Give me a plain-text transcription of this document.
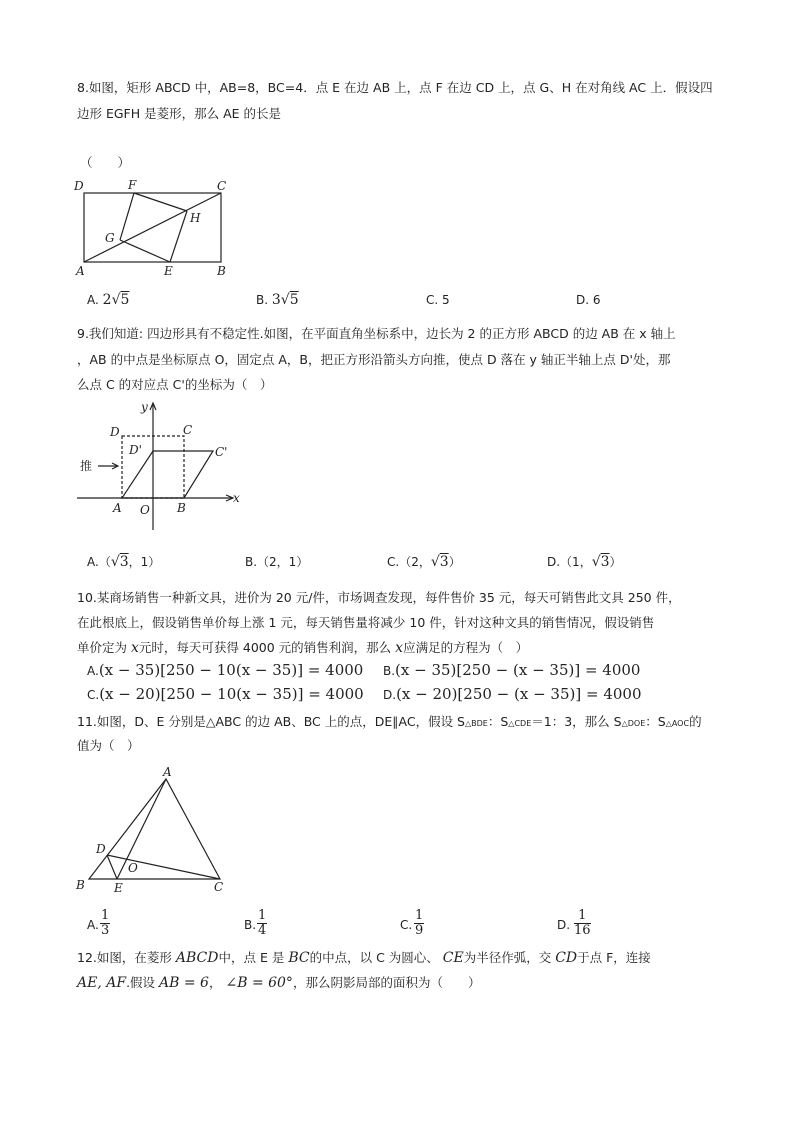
8.如图，矩形 ABCD 中，AB=8，BC=4．点 E 在边 AB 上，点 F 在边 CD 上，点 G、H 在对角线 AC 上．假设四
边形 EGFH 是菱形，那么 AE 的长是
（　　）
D	F	C
H
G
A	E	B
A. 2√5	B. 3√5	C. 5	D. 6
9.我们知道: 四边形具有不稳定性.如图，在平面直角坐标系中，边长为 2 的正方形 ABCD 的边 AB 在 x 轴上
，AB 的中点是坐标原点 O，固定点 A，B，把正方形沿箭头方向推，使点 D 落在 y 轴正半轴上点 D'处，那
么点 C 的对应点 C'的坐标为（　）
y
D	C
D'	C'
推
A O B
x
A.（√3，1）	B.（2，1）	C.（2，√3）	D.（1，√3）
10.某商场销售一种新文具，进价为 20 元/件，市场调查发现，每件售价 35 元，每天可销售此文具 250 件，
在此根底上，假设销售单价每上涨 1 元，每天销售量将减少 10 件，针对这种文具的销售情况，假设销售
单价定为 x元时，每天可获得 4000 元的销售利润，那么 x应满足的方程为（　）
A.(x − 35)[250 − 10(x − 35)] = 4000 B.(x − 35)[250 − (x − 35)] = 4000
C.(x − 20)[250 − 10(x − 35)] = 4000 D.(x − 20)[250 − (x − 35)] = 4000
11.如图，D、E 分别是△ABC 的边 AB、BC 上的点，DE∥AC，假设 S△BDE：S△CDE＝1：3，那么 S△DOE：S△AOC的
值为（　）
A
D
O
B E	C
A. $\frac{1}{3}$	B. $\frac{1}{4}$	C. $\frac{1}{9}$	D. $\frac{1}{16}$
12.如图，在菱形 ABCD中，点 E 是 BC的中点，以 C 为圆心、 CE为半径作弧，交 CD于点 F，连接
AE, AF.假设 AB = 6， ∠B = 60°，那么阴影局部的面积为（　　）
